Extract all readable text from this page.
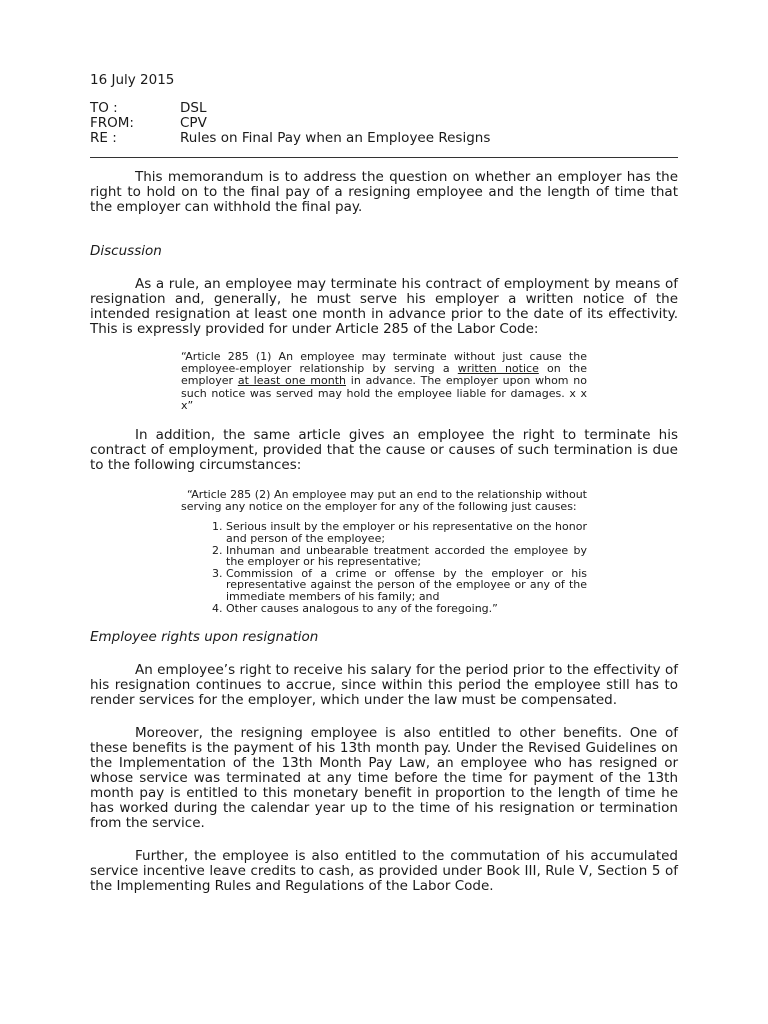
16 July 2015
TO :	DSL
FROM:	CPV
RE :	Rules on Final Pay when an Employee Resigns

This memorandum is to address the question on whether an employer has the right to hold on to the final pay of a resigning employee and the length of time that the employer can withhold the final pay.

Discussion

As a rule, an employee may terminate his contract of employment by means of resignation and, generally, he must serve his employer a written notice of the intended resignation at least one month in advance prior to the date of its effectivity. This is expressly provided for under Article 285 of the Labor Code:

“Article 285 (1) An employee may terminate without just cause the employee-employer relationship by serving a written notice on the employer at least one month in advance. The employer upon whom no such notice was served may hold the employee liable for damages. x x x”

In addition, the same article gives an employee the right to terminate his contract of employment, provided that the cause or causes of such termination is due to the following circumstances:

“Article 285 (2) An employee may put an end to the relationship without serving any notice on the employer for any of the following just causes:
1. Serious insult by the employer or his representative on the honor and person of the employee;
2. Inhuman and unbearable treatment accorded the employee by the employer or his representative;
3. Commission of a crime or offense by the employer or his representative against the person of the employee or any of the immediate members of his family; and
4. Other causes analogous to any of the foregoing.”

Employee rights upon resignation

An employee’s right to receive his salary for the period prior to the effectivity of his resignation continues to accrue, since within this period the employee still has to render services for the employer, which under the law must be compensated.

Moreover, the resigning employee is also entitled to other benefits. One of these benefits is the payment of his 13th month pay. Under the Revised Guidelines on the Implementation of the 13th Month Pay Law, an employee who has resigned or whose service was terminated at any time before the time for payment of the 13th month pay is entitled to this monetary benefit in proportion to the length of time he has worked during the calendar year up to the time of his resignation or termination from the service.

Further, the employee is also entitled to the commutation of his accumulated service incentive leave credits to cash, as provided under Book III, Rule V, Section 5 of the Implementing Rules and Regulations of the Labor Code.
